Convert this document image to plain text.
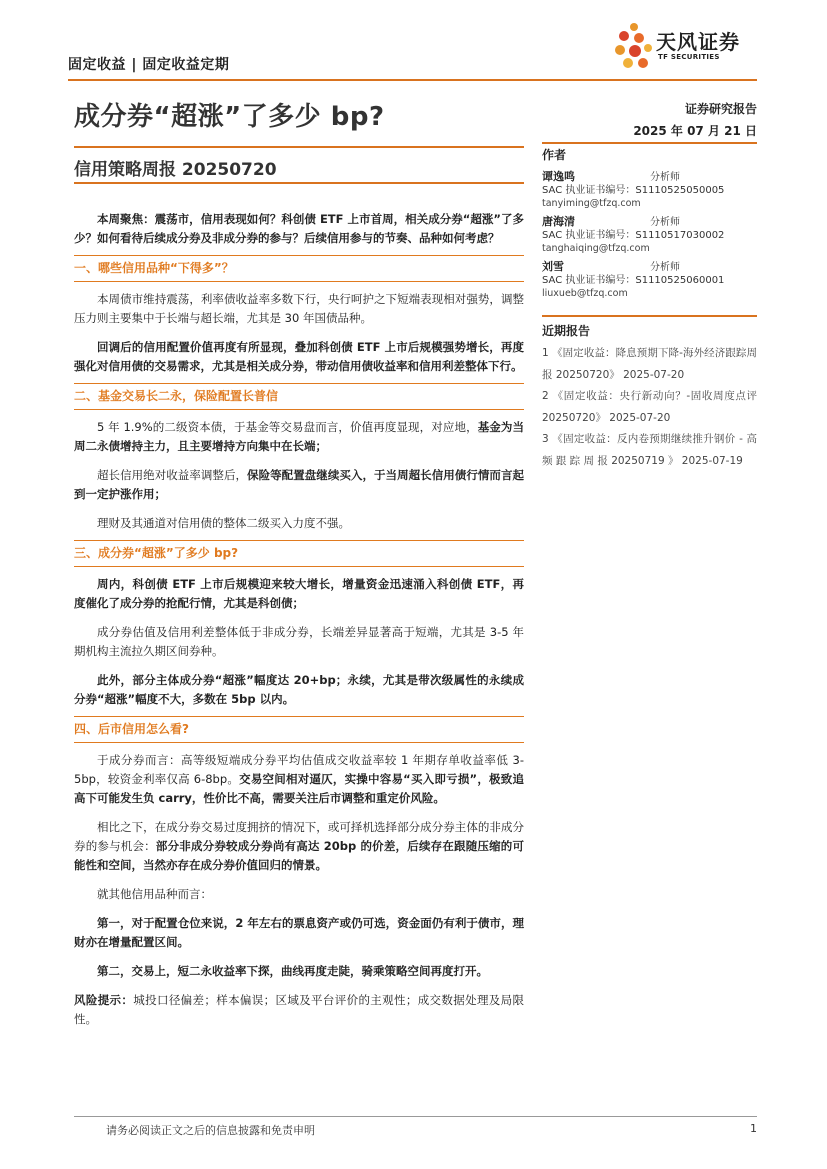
固定收益 | 固定收益定期
天风证券
TF SECURITIES
成分券“超涨”了多少 bp?	证券研究报告
2025 年 07 月 21 日
信用策略周报 20250720
作者
谭逸鸣	分析师
SAC 执业证书编号：S1110525050005
tanyiming@tfzq.com
唐海清	分析师
SAC 执业证书编号：S1110517030002
tanghaiqing@tfzq.com
刘雪	分析师
SAC 执业证书编号：S1110525060001
liuxueb@tfzq.com
近期报告
1 《固定收益：降息预期下降-海外经济跟踪周报 20250720》 2025-07-20
2 《固定收益：央行新动向？-固收周度点评 20250720》 2025-07-20
3 《固定收益：反内卷预期继续推升钢价 - 高 频 跟 踪 周 报 20250719 》 2025-07-19

本周聚焦：震荡市，信用表现如何？科创债 ETF 上市首周，相关成分券“超涨”了多少？如何看待后续成分券及非成分券的参与？后续信用参与的节奏、品种如何考虑？

一、哪些信用品种“下得多”？

本周债市维持震荡，利率债收益率多数下行，央行呵护之下短端表现相对强势，调整压力则主要集中于长端与超长端，尤其是 30 年国债品种。

回调后的信用配置价值再度有所显现，叠加科创债 ETF 上市后规模强势增长，再度强化对信用债的交易需求，尤其是相关成分券，带动信用债收益率和信用利差整体下行。

二、基金交易长二永，保险配置长普信

5 年 1.9%的二级资本债，于基金等交易盘而言，价值再度显现，对应地，基金为当周二永债增持主力，且主要增持方向集中在长端；

超长信用绝对收益率调整后，保险等配置盘继续买入，于当周超长信用债行情而言起到一定护涨作用；

理财及其通道对信用债的整体二级买入力度不强。

三、成分券“超涨”了多少 bp?

周内，科创债 ETF 上市后规模迎来较大增长，增量资金迅速涌入科创债 ETF，再度催化了成分券的抢配行情，尤其是科创债；

成分券估值及信用利差整体低于非成分券，长端差异显著高于短端，尤其是 3-5 年期机构主流拉久期区间券种。

此外，部分主体成分券“超涨”幅度达 20+bp；永续，尤其是带次级属性的永续成分券“超涨”幅度不大，多数在 5bp 以内。

四、后市信用怎么看?

于成分券而言：高等级短端成分券平均估值成交收益率较 1 年期存单收益率低 3-5bp，较资金利率仅高 6-8bp。交易空间相对逼仄，实操中容易“买入即亏损”，极致追高下可能发生负 carry，性价比不高，需要关注后市调整和重定价风险。

相比之下，在成分券交易过度拥挤的情况下，或可择机选择部分成分券主体的非成分券的参与机会：部分非成分券较成分券尚有高达 20bp 的价差，后续存在跟随压缩的可能性和空间，当然亦存在成分券价值回归的情景。

就其他信用品种而言：

第一，对于配置仓位来说，2 年左右的票息资产或仍可选，资金面仍有利于债市，理财亦在增量配置区间。

第二，交易上，短二永收益率下探，曲线再度走陡，骑乘策略空间再度打开。

风险提示：城投口径偏差；样本偏误；区域及平台评价的主观性；成交数据处理及局限性。

请务必阅读正文之后的信息披露和免责申明	1
